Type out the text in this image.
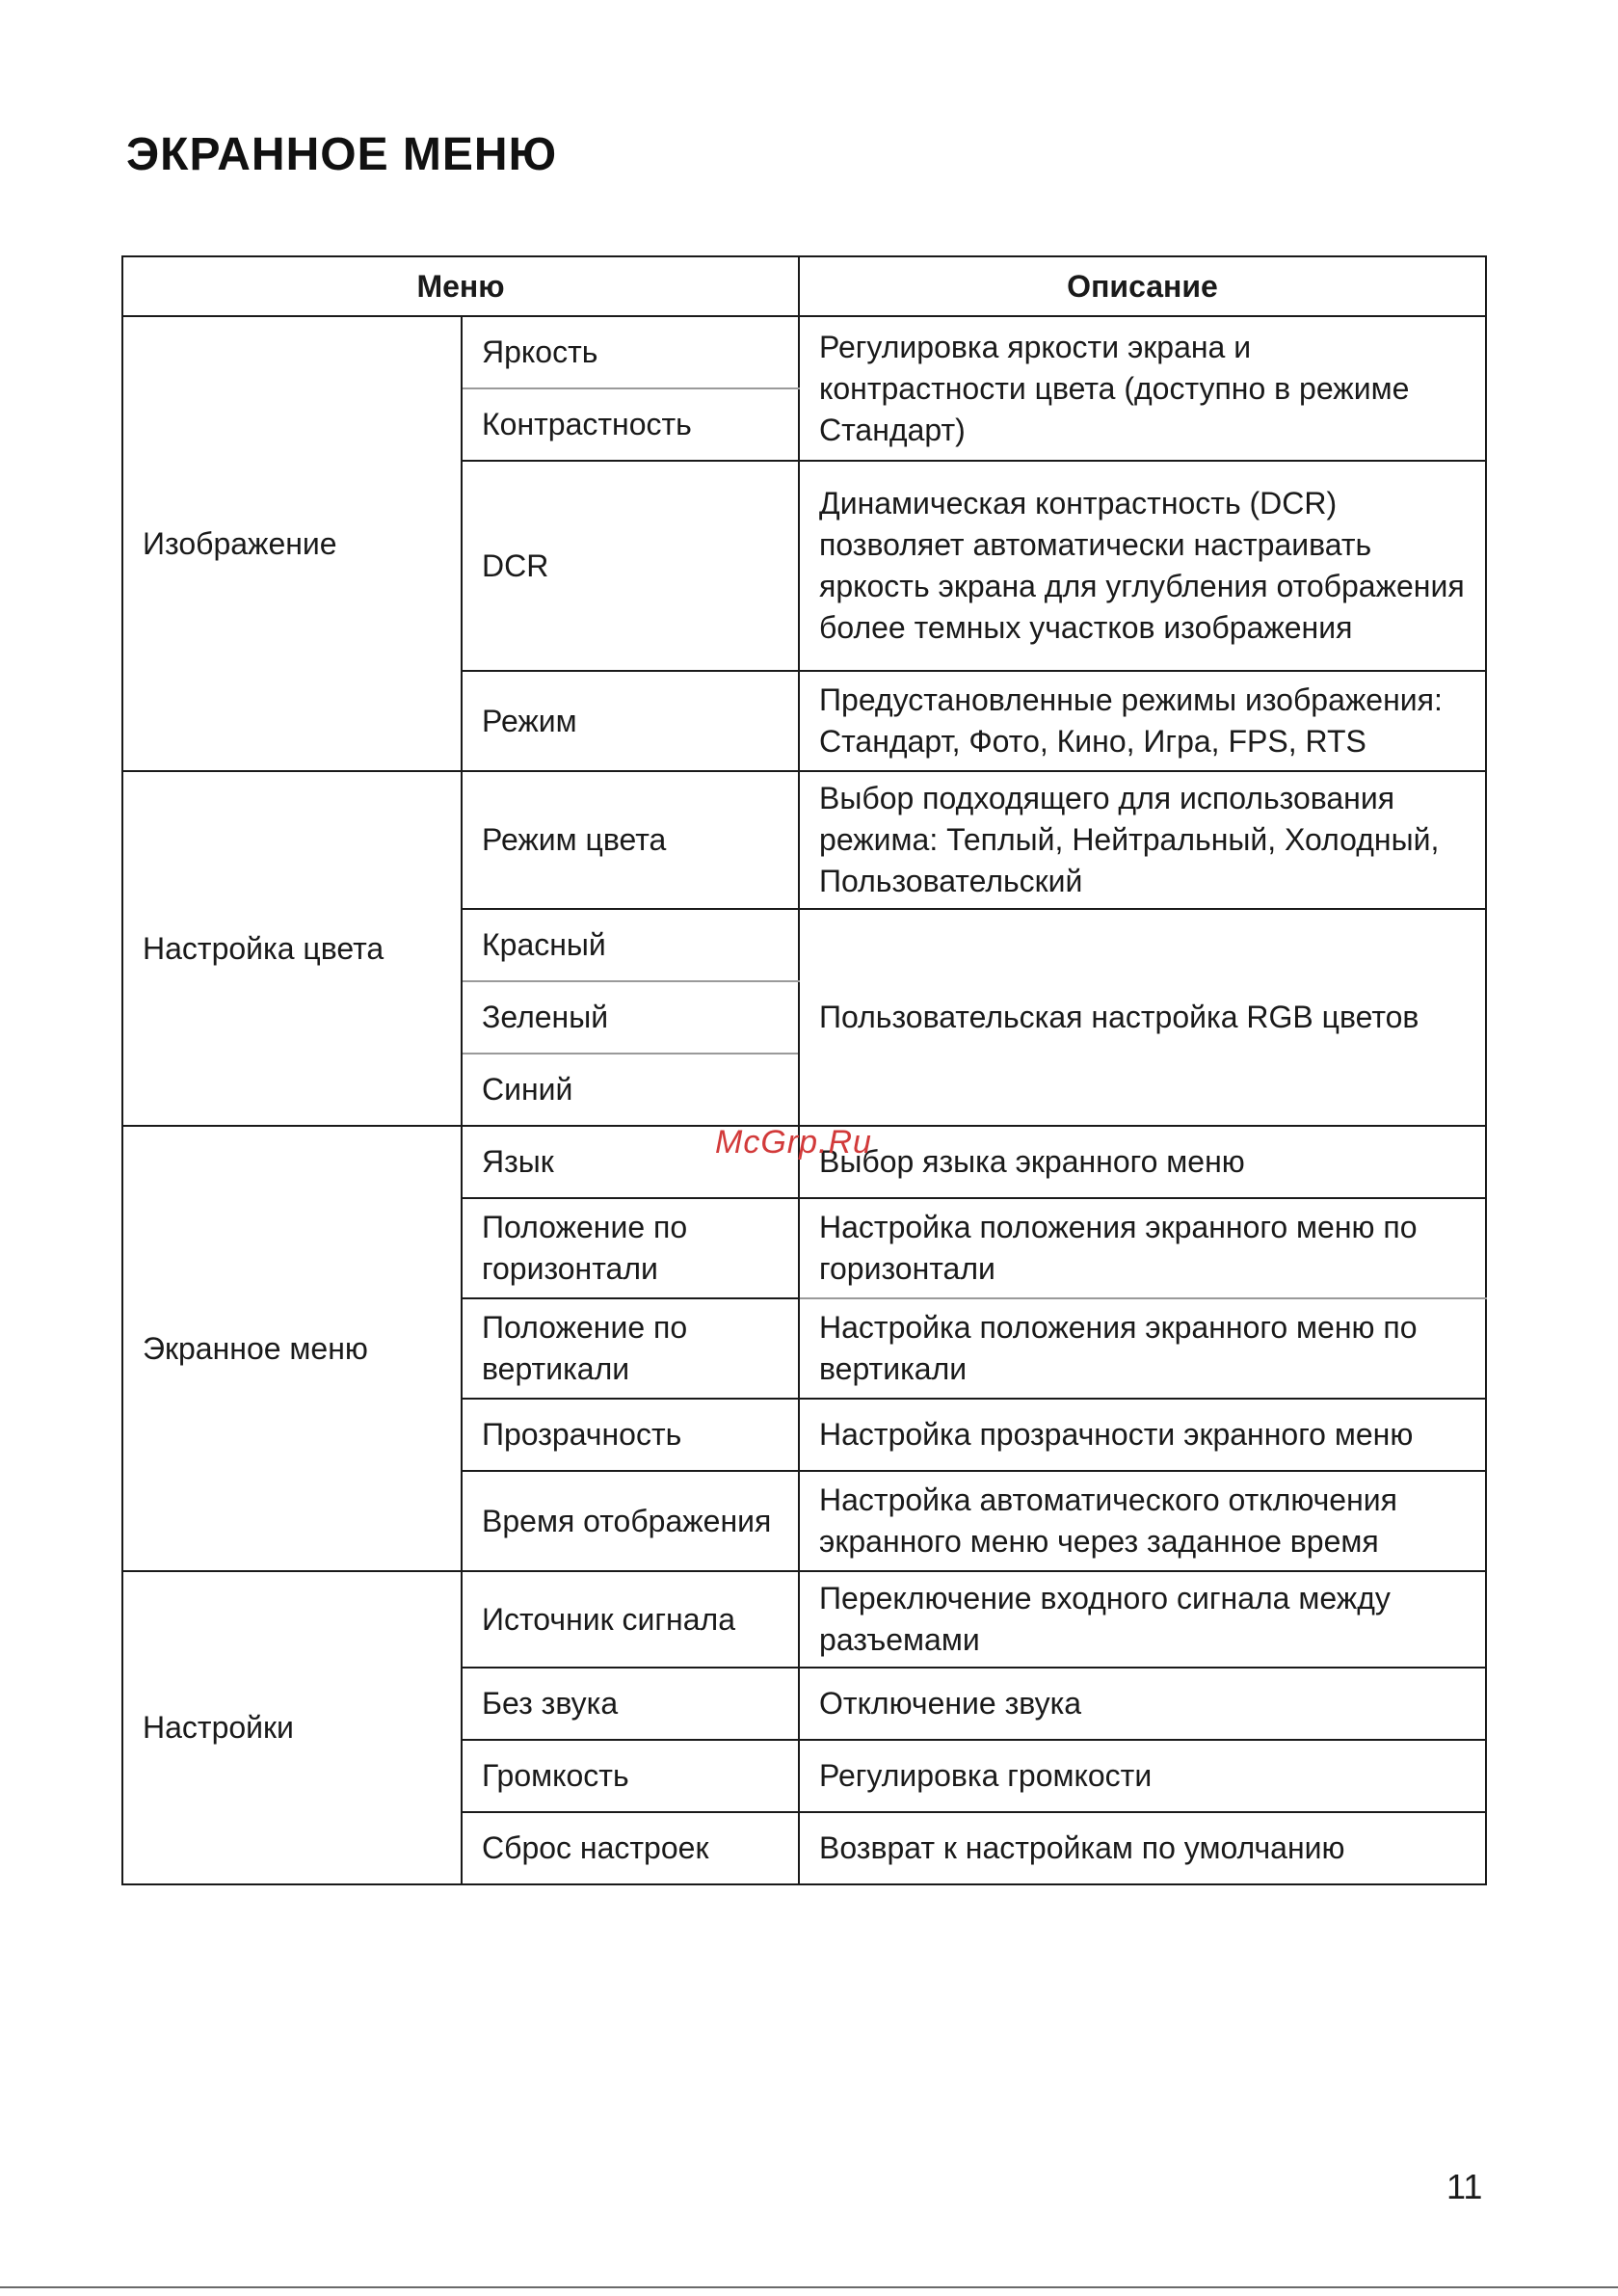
ЭКРАННОЕ МЕНЮ
Меню		Описание
Изображение	Яркость	Регулировка яркости экрана и контрастности цвета (доступно в режиме Стандарт)
	Контрастность	
	DCR	Динамическая контрастность (DCR) позволяет автоматически настраивать яркость экрана для углубления отображения более темных участков изображения
	Режим	Предустановленные режимы изображения: Стандарт, Фото, Кино, Игра, FPS, RTS
Настройка цвета	Режим цвета	Выбор подходящего для использования режима: Теплый, Нейтральный, Холодный, Пользовательский
	Красный	Пользовательская настройка RGB цветов
	Зеленый	
	Синий	
Экранное меню	Язык	Выбор языка экранного меню
	Положение по горизонтали	Настройка положения экранного меню по горизонтали
	Положение по вертикали	Настройка положения экранного меню по вертикали
	Прозрачность	Настройка прозрачности экранного меню
	Время отображения	Настройка автоматического отключения экранного меню через заданное время
Настройки	Источник сигнала	Переключение входного сигнала между разъемами
	Без звука	Отключение звука
	Громкость	Регулировка громкости
	Сброс настроек	Возврат к настройкам по умолчанию
McGrp.Ru
11
